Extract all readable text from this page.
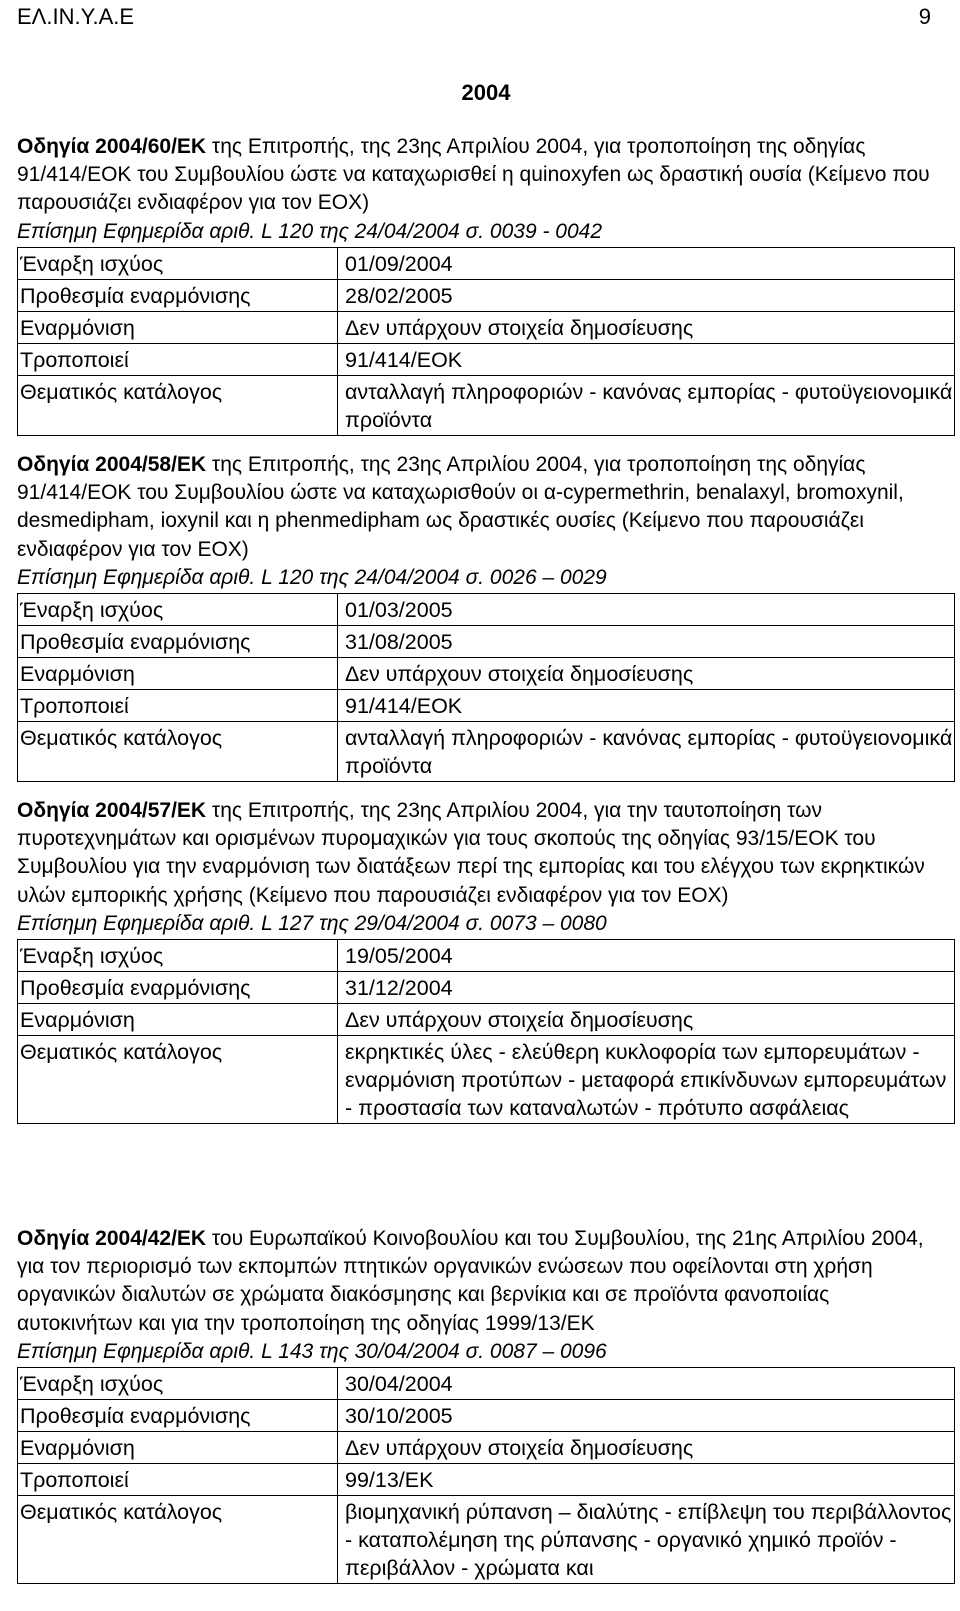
ΕΛ.ΙΝ.Υ.Α.Ε	9
2004
Οδηγία 2004/60/ΕΚ της Επιτροπής, της 23ης Απριλίου 2004, για τροποποίηση της οδηγίας 91/414/ΕΟΚ του Συμβουλίου ώστε να καταχωρισθεί η quinoxyfen ως δραστική ουσία (Κείμενο που παρουσιάζει ενδιαφέρον για τον ΕΟΧ)
Επίσημη Εφημερίδα αριθ. L 120 της 24/04/2004 σ. 0039 - 0042
Έναρξη ισχύος	01/09/2004
Προθεσμία εναρμόνισης	28/02/2005
Εναρμόνιση	Δεν υπάρχουν στοιχεία δημοσίευσης
Τροποποιεί	91/414/ΕΟΚ
Θεματικός κατάλογος	ανταλλαγή πληροφοριών - κανόνας εμπορίας - φυτοϋγειονομικά προϊόντα
Οδηγία 2004/58/ΕΚ της Επιτροπής, της 23ης Απριλίου 2004, για τροποποίηση της οδηγίας 91/414/ΕΟΚ του Συμβουλίου ώστε να καταχωρισθούν οι α-cypermethrin, benalaxyl, bromoxynil, desmedipham, ioxynil και η phenmedipham ως δραστικές ουσίες (Κείμενο που παρουσιάζει ενδιαφέρον για τον ΕΟΧ)
Επίσημη Εφημερίδα αριθ. L 120 της 24/04/2004 σ. 0026 – 0029
Έναρξη ισχύος	01/03/2005
Προθεσμία εναρμόνισης	31/08/2005
Εναρμόνιση	Δεν υπάρχουν στοιχεία δημοσίευσης
Τροποποιεί	91/414/ΕΟΚ
Θεματικός κατάλογος	ανταλλαγή πληροφοριών - κανόνας εμπορίας - φυτοϋγειονομικά προϊόντα
Οδηγία 2004/57/ΕΚ της Επιτροπής, της 23ης Απριλίου 2004, για την ταυτοποίηση των πυροτεχνημάτων και ορισμένων πυρομαχικών για τους σκοπούς της οδηγίας 93/15/ΕΟΚ του Συμβουλίου για την εναρμόνιση των διατάξεων περί της εμπορίας και του ελέγχου των εκρηκτικών υλών εμπορικής χρήσης (Κείμενο που παρουσιάζει ενδιαφέρον για τον ΕΟΧ)
Επίσημη Εφημερίδα αριθ. L 127 της 29/04/2004 σ. 0073 – 0080
Έναρξη ισχύος	19/05/2004
Προθεσμία εναρμόνισης	31/12/2004
Εναρμόνιση	Δεν υπάρχουν στοιχεία δημοσίευσης
Θεματικός κατάλογος	εκρηκτικές ύλες - ελεύθερη κυκλοφορία των εμπορευμάτων - εναρμόνιση προτύπων - μεταφορά επικίνδυνων εμπορευμάτων - προστασία των καταναλωτών - πρότυπο ασφάλειας
Οδηγία 2004/42/ΕΚ του Ευρωπαϊκού Κοινοβουλίου και του Συμβουλίου, της 21ης Απριλίου 2004, για τον περιορισμό των εκπομπών πτητικών οργανικών ενώσεων που οφείλονται στη χρήση οργανικών διαλυτών σε χρώματα διακόσμησης και βερνίκια και σε προϊόντα φανοποιίας αυτοκινήτων και για την τροποποίηση της οδηγίας 1999/13/ΕΚ
Επίσημη Εφημερίδα αριθ. L 143 της 30/04/2004 σ. 0087 – 0096
Έναρξη ισχύος	30/04/2004
Προθεσμία εναρμόνισης	30/10/2005
Εναρμόνιση	Δεν υπάρχουν στοιχεία δημοσίευσης
Τροποποιεί	99/13/ΕΚ
Θεματικός κατάλογος	βιομηχανική ρύπανση – διαλύτης - επίβλεψη του περιβάλλοντος - καταπολέμηση της ρύπανσης - οργανικό χημικό προϊόν - περιβάλλον - χρώματα και
